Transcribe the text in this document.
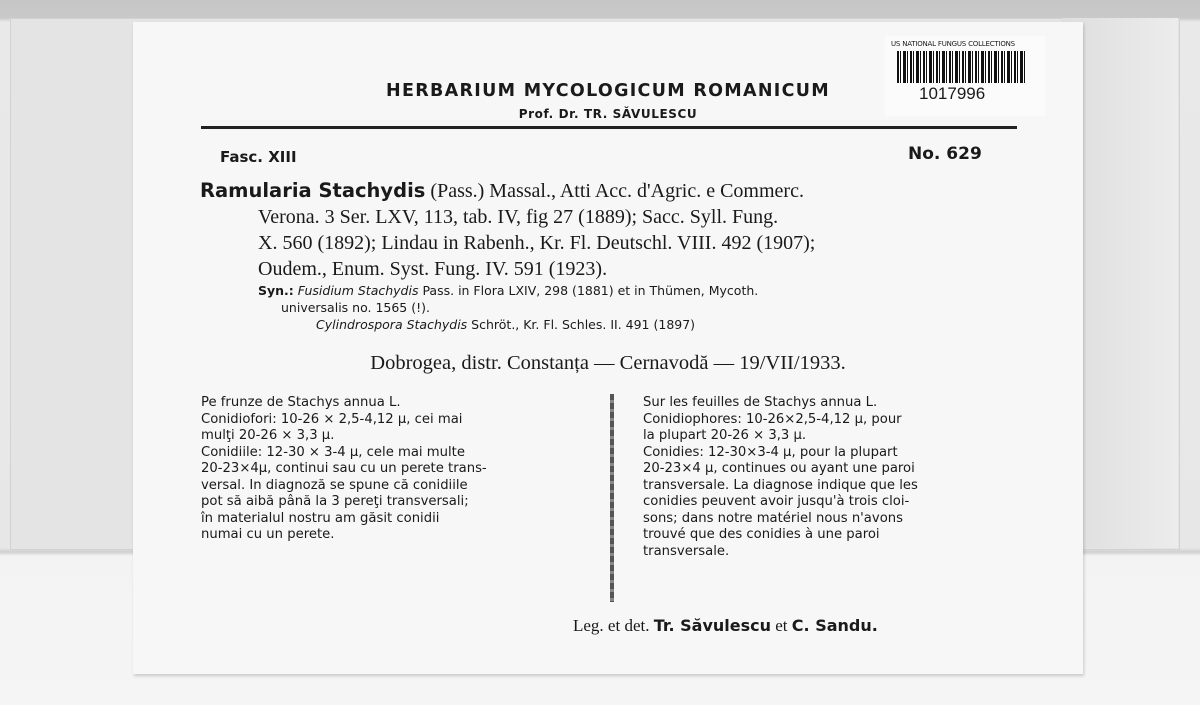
US NATIONAL FUNGUS COLLECTIONS
1017996
HERBARIUM MYCOLOGICUM ROMANICUM
Prof. Dr. TR. SĂVULESCU
Fasc. XIII	No. 629
Ramularia Stachydis (Pass.) Massal., Atti Acc. d'Agric. e Commerc.
Verona. 3 Ser. LXV, 113, tab. IV, fig 27 (1889); Sacc. Syll. Fung.
X. 560 (1892); Lindau in Rabenh., Kr. Fl. Deutschl. VIII. 492 (1907);
Oudem., Enum. Syst. Fung. IV. 591 (1923).
Syn.: Fusidium Stachydis Pass. in Flora LXIV, 298 (1881) et in Thümen, Mycoth.
universalis no. 1565 (!).
Cylindrospora Stachydis Schröt., Kr. Fl. Schles. II. 491 (1897)
Dobrogea, distr. Constanța — Cernavodă — 19/VII/1933.
Pe frunze de Stachys annua L.
Conidiofori: 10-26 × 2,5-4,12 µ, cei mai
mulţi 20-26 × 3,3 µ.
Conidiile: 12-30 × 3-4 µ, cele mai multe
20-23×4µ, continui sau cu un perete trans-
versal. In diagnoză se spune că conidiile
pot să aibă până la 3 pereţi transversali;
în materialul nostru am găsit conidii
numai cu un perete.
Sur les feuilles de Stachys annua L.
Conidiophores: 10-26×2,5-4,12 µ, pour
la plupart 20-26 × 3,3 µ.
Conidies: 12-30×3-4 µ, pour la plupart
20-23×4 µ, continues ou ayant une paroi
transversale. La diagnose indique que les
conidies peuvent avoir jusqu'à trois cloi-
sons; dans notre matériel nous n'avons
trouvé que des conidies à une paroi
transversale.
Leg. et det. Tr. Săvulescu et C. Sandu.
